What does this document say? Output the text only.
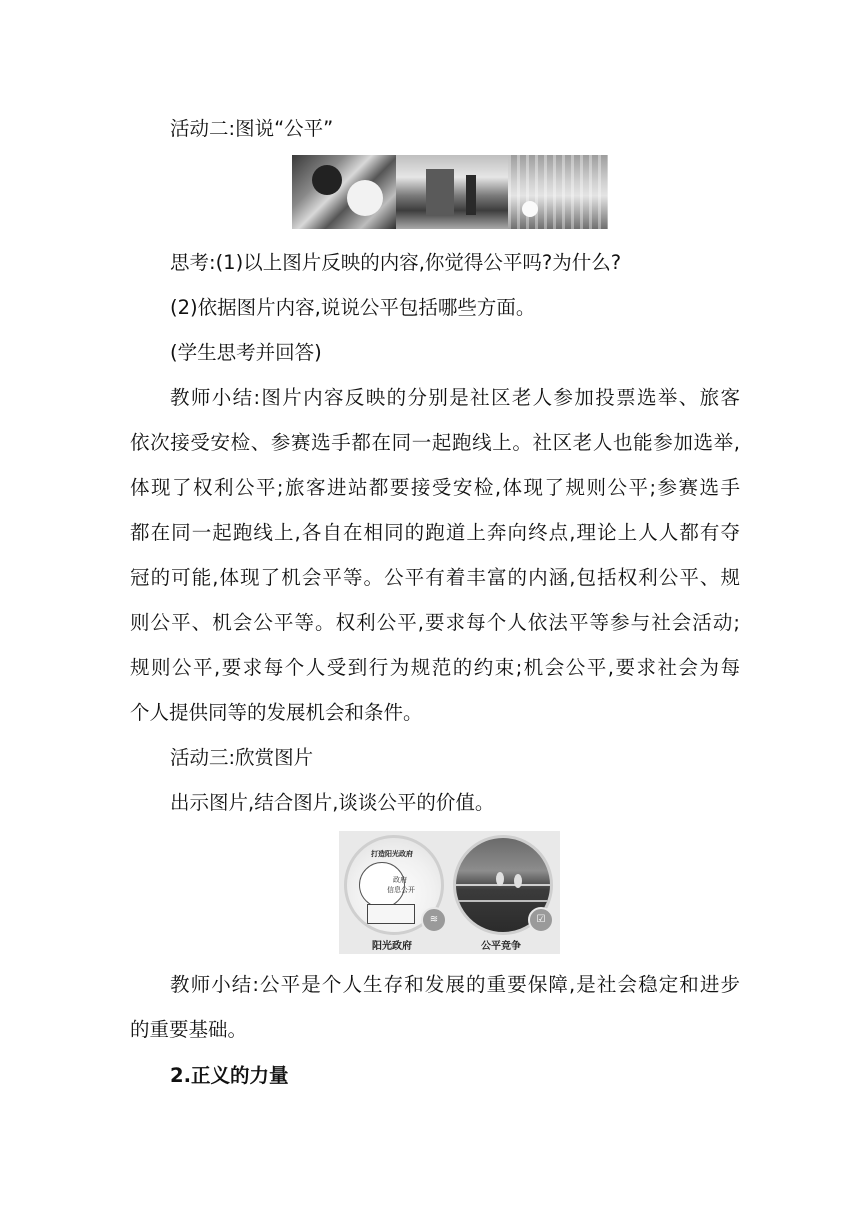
活动二:图说“公平”
思考:(1)以上图片反映的内容,你觉得公平吗?为什么?
(2)依据图片内容,说说公平包括哪些方面。
(学生思考并回答)
教师小结:图片内容反映的分别是社区老人参加投票选举、旅客
依次接受安检、参赛选手都在同一起跑线上。社区老人也能参加选举,
体现了权利公平;旅客进站都要接受安检,体现了规则公平;参赛选手
都在同一起跑线上,各自在相同的跑道上奔向终点,理论上人人都有夺
冠的可能,体现了机会平等。公平有着丰富的内涵,包括权利公平、规
则公平、机会公平等。权利公平,要求每个人依法平等参与社会活动;
规则公平,要求每个人受到行为规范的约束;机会公平,要求社会为每
个人提供同等的发展机会和条件。
活动三:欣赏图片
出示图片,结合图片,谈谈公平的价值。
打造阳光政府
政府
信息公开
≋
阳光政府
☑
公平竞争
教师小结:公平是个人生存和发展的重要保障,是社会稳定和进步
的重要基础。
2.正义的力量
